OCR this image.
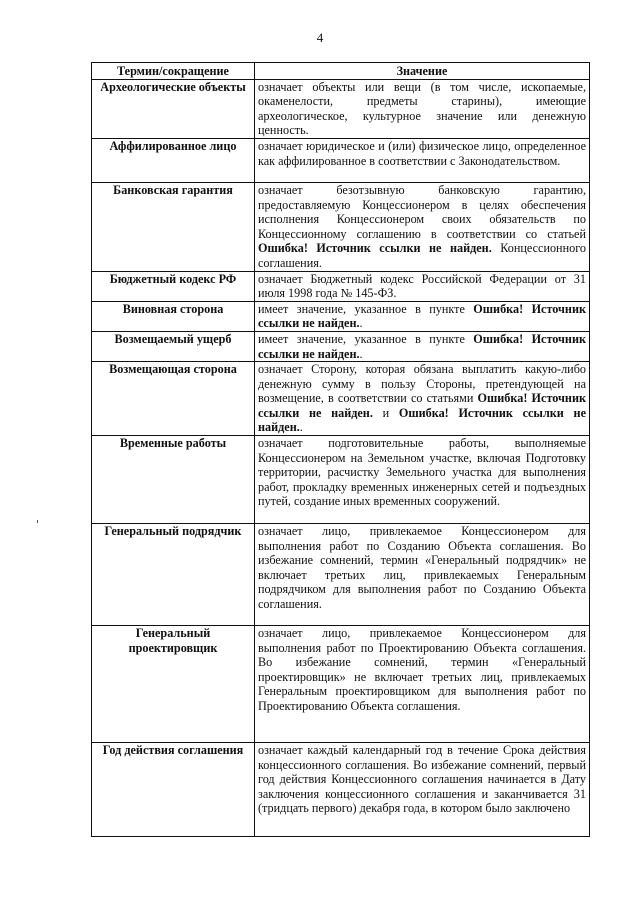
4
Термин/сокращение	Значение
Археологические объекты	означает объекты или вещи (в том числе, ископаемые, окаменелости, предметы старины), имеющие археологическое, культурное значение или денежную ценность.
Аффилированное лицо	означает юридическое и (или) физическое лицо, определенное как аффилированное в соответствии с Законодательством.
Банковская гарантия	означает безотзывную банковскую гарантию, предоставляемую Концессионером в целях обеспечения исполнения Концессионером своих обязательств по Концессионному соглашению в соответствии со статьей Ошибка! Источник ссылки не найден. Концессионного соглашения.
Бюджетный кодекс РФ	означает Бюджетный кодекс Российской Федерации от 31 июля 1998 года № 145-ФЗ.
Виновная сторона	имеет значение, указанное в пункте Ошибка! Источник ссылки не найден..
Возмещаемый ущерб	имеет значение, указанное в пункте Ошибка! Источник ссылки не найден..
Возмещающая сторона	означает Сторону, которая обязана выплатить какую-либо денежную сумму в пользу Стороны, претендующей на возмещение, в соответствии со статьями Ошибка! Источник ссылки не найден. и Ошибка! Источник ссылки не найден..
Временные работы	означает подготовительные работы, выполняемые Концессионером на Земельном участке, включая Подготовку территории, расчистку Земельного участка для выполнения работ, прокладку временных инженерных сетей и подъездных путей, создание иных временных сооружений.
Генеральный подрядчик	означает лицо, привлекаемое Концессионером для выполнения работ по Созданию Объекта соглашения. Во избежание сомнений, термин «Генеральный подрядчик» не включает третьих лиц, привлекаемых Генеральным подрядчиком для выполнения работ по Созданию Объекта соглашения.
Генеральный проектировщик	означает лицо, привлекаемое Концессионером для выполнения работ по Проектированию Объекта соглашения. Во избежание сомнений, термин «Генеральный проектировщик» не включает третьих лиц, привлекаемых Генеральным проектировщиком для выполнения работ по Проектированию Объекта соглашения.
Год действия соглашения	означает каждый календарный год в течение Срока действия концессионного соглашения. Во избежание сомнений, первый год действия Концессионного соглашения начинается в Дату заключения концессионного соглашения и заканчивается 31 (тридцать первого) декабря года, в котором было заключено
